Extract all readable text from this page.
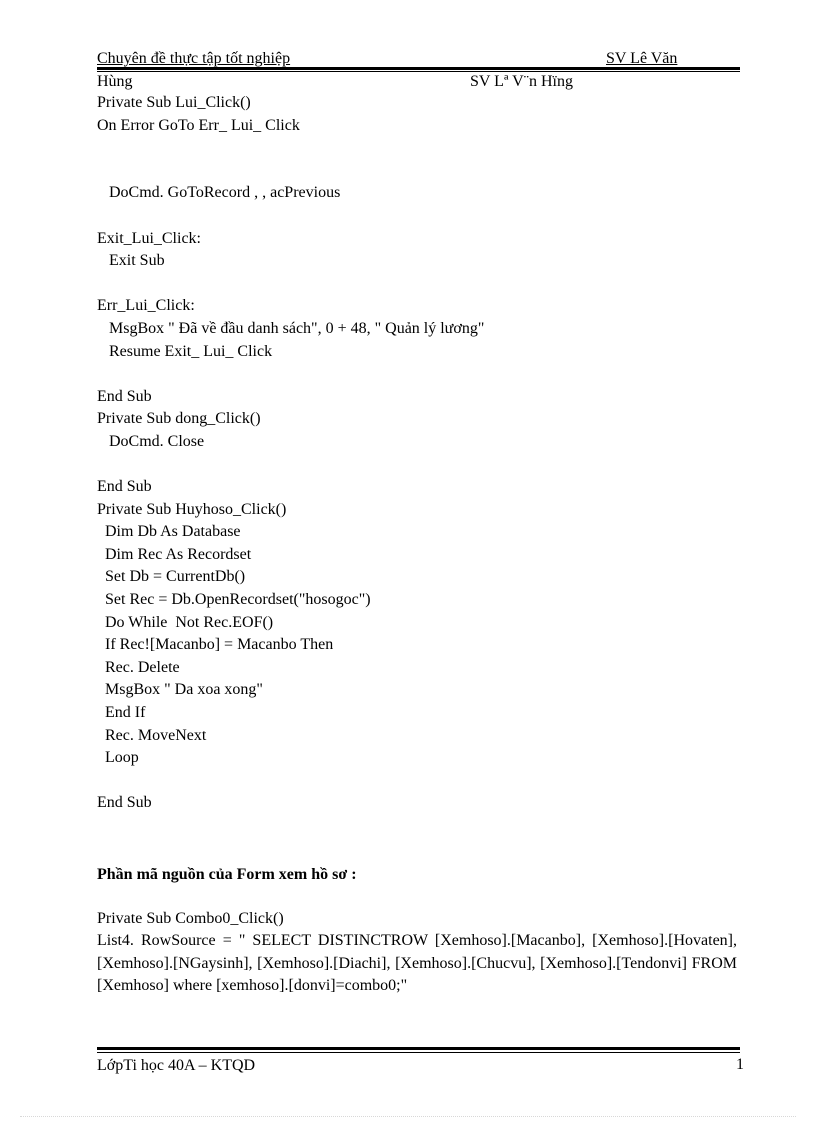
Chuyên đề thực tập tốt nghiệp	SV Lê Văn
Hùng	SV Lª V¨n Hïng
Private Sub Lui_Click()
On Error GoTo Err_ Lui_ Click
DoCmd. GoToRecord , , acPrevious
Exit_Lui_Click:
Exit Sub
Err_Lui_Click:
MsgBox " Đã về đầu danh sách", 0 + 48, " Quản lý lương"
Resume Exit_ Lui_ Click
End Sub
Private Sub dong_Click()
DoCmd. Close
End Sub
Private Sub Huyhoso_Click()
Dim Db As Database
Dim Rec As Recordset
Set Db = CurrentDb()
Set Rec = Db.OpenRecordset("hosogoc")
Do While  Not Rec.EOF()
If Rec![Macanbo] = Macanbo Then
Rec. Delete
MsgBox " Da xoa xong"
End If
Rec. MoveNext
Loop
End Sub
Phần mã nguồn của Form xem hồ sơ :
Private Sub Combo0_Click()
List4. RowSource = " SELECT DISTINCTROW [Xemhoso].[Macanbo], [Xemhoso].[Hovaten], [Xemhoso].[NGaysinh], [Xemhoso].[Diachi], [Xemhoso].[Chucvu], [Xemhoso].[Tendonvi] FROM [Xemhoso] where [xemhoso].[donvi]=combo0;"
LớpTi học 40A – KTQD	1
